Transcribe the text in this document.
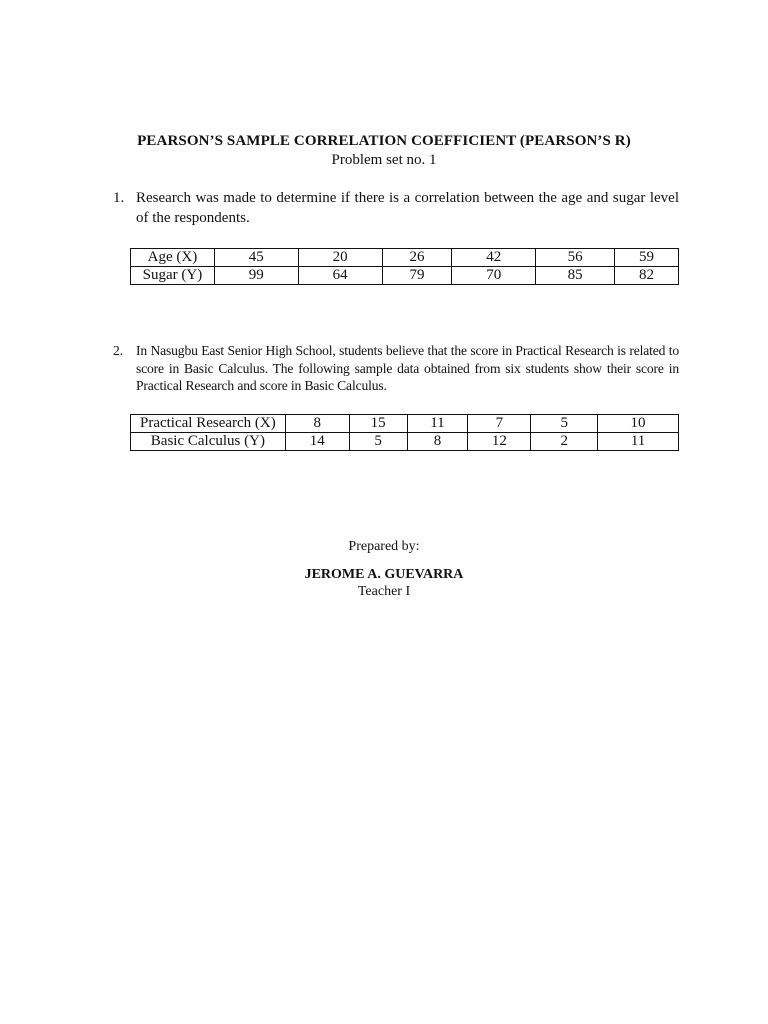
PEARSON’S SAMPLE CORRELATION COEFFICIENT (PEARSON’S R)
Problem set no. 1
1. Research was made to determine if there is a correlation between the age and sugar level of the respondents.
Age (X)	45	20	26	42	56	59
Sugar (Y)	99	64	79	70	85	82
2. In Nasugbu East Senior High School, students believe that the score in Practical Research is related to score in Basic Calculus. The following sample data obtained from six students show their score in Practical Research and score in Basic Calculus.
Practical Research (X)	8	15	11	7	5	10
Basic Calculus (Y)	14	5	8	12	2	11
Prepared by:
JEROME A. GUEVARRA
Teacher I
